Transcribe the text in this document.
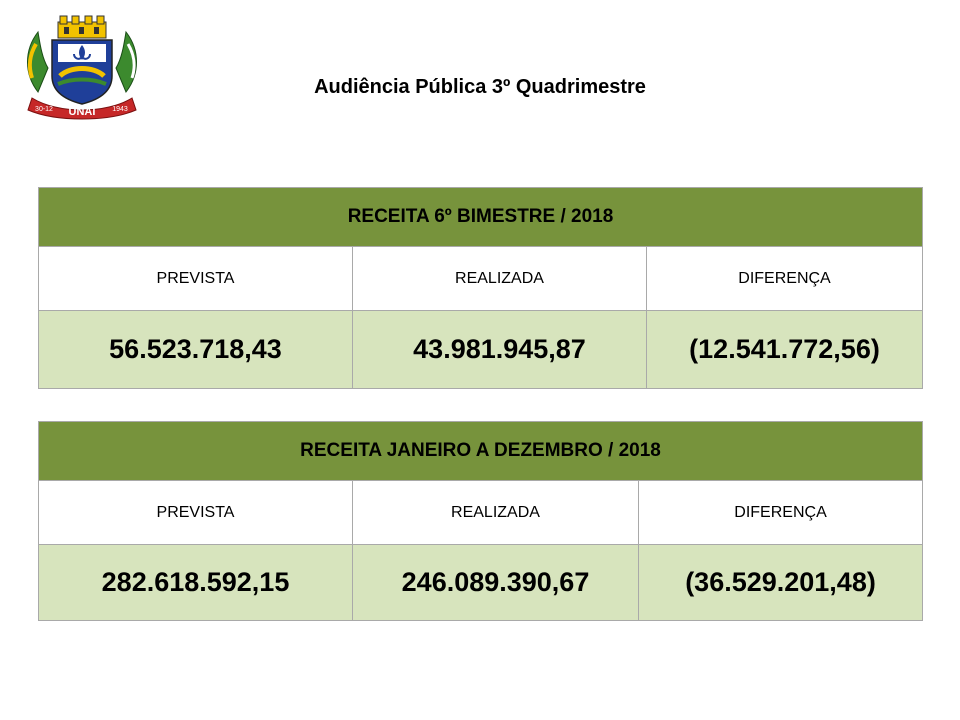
UNAÍ
30-12	1943
Audiência Pública 3º Quadrimestre
RECEITA 6º BIMESTRE / 2018		
PREVISTA	REALIZADA	DIFERENÇA
56.523.718,43	43.981.945,87	(12.541.772,56)
RECEITA JANEIRO A DEZEMBRO / 2018		
PREVISTA	REALIZADA	DIFERENÇA
282.618.592,15	246.089.390,67	(36.529.201,48)
